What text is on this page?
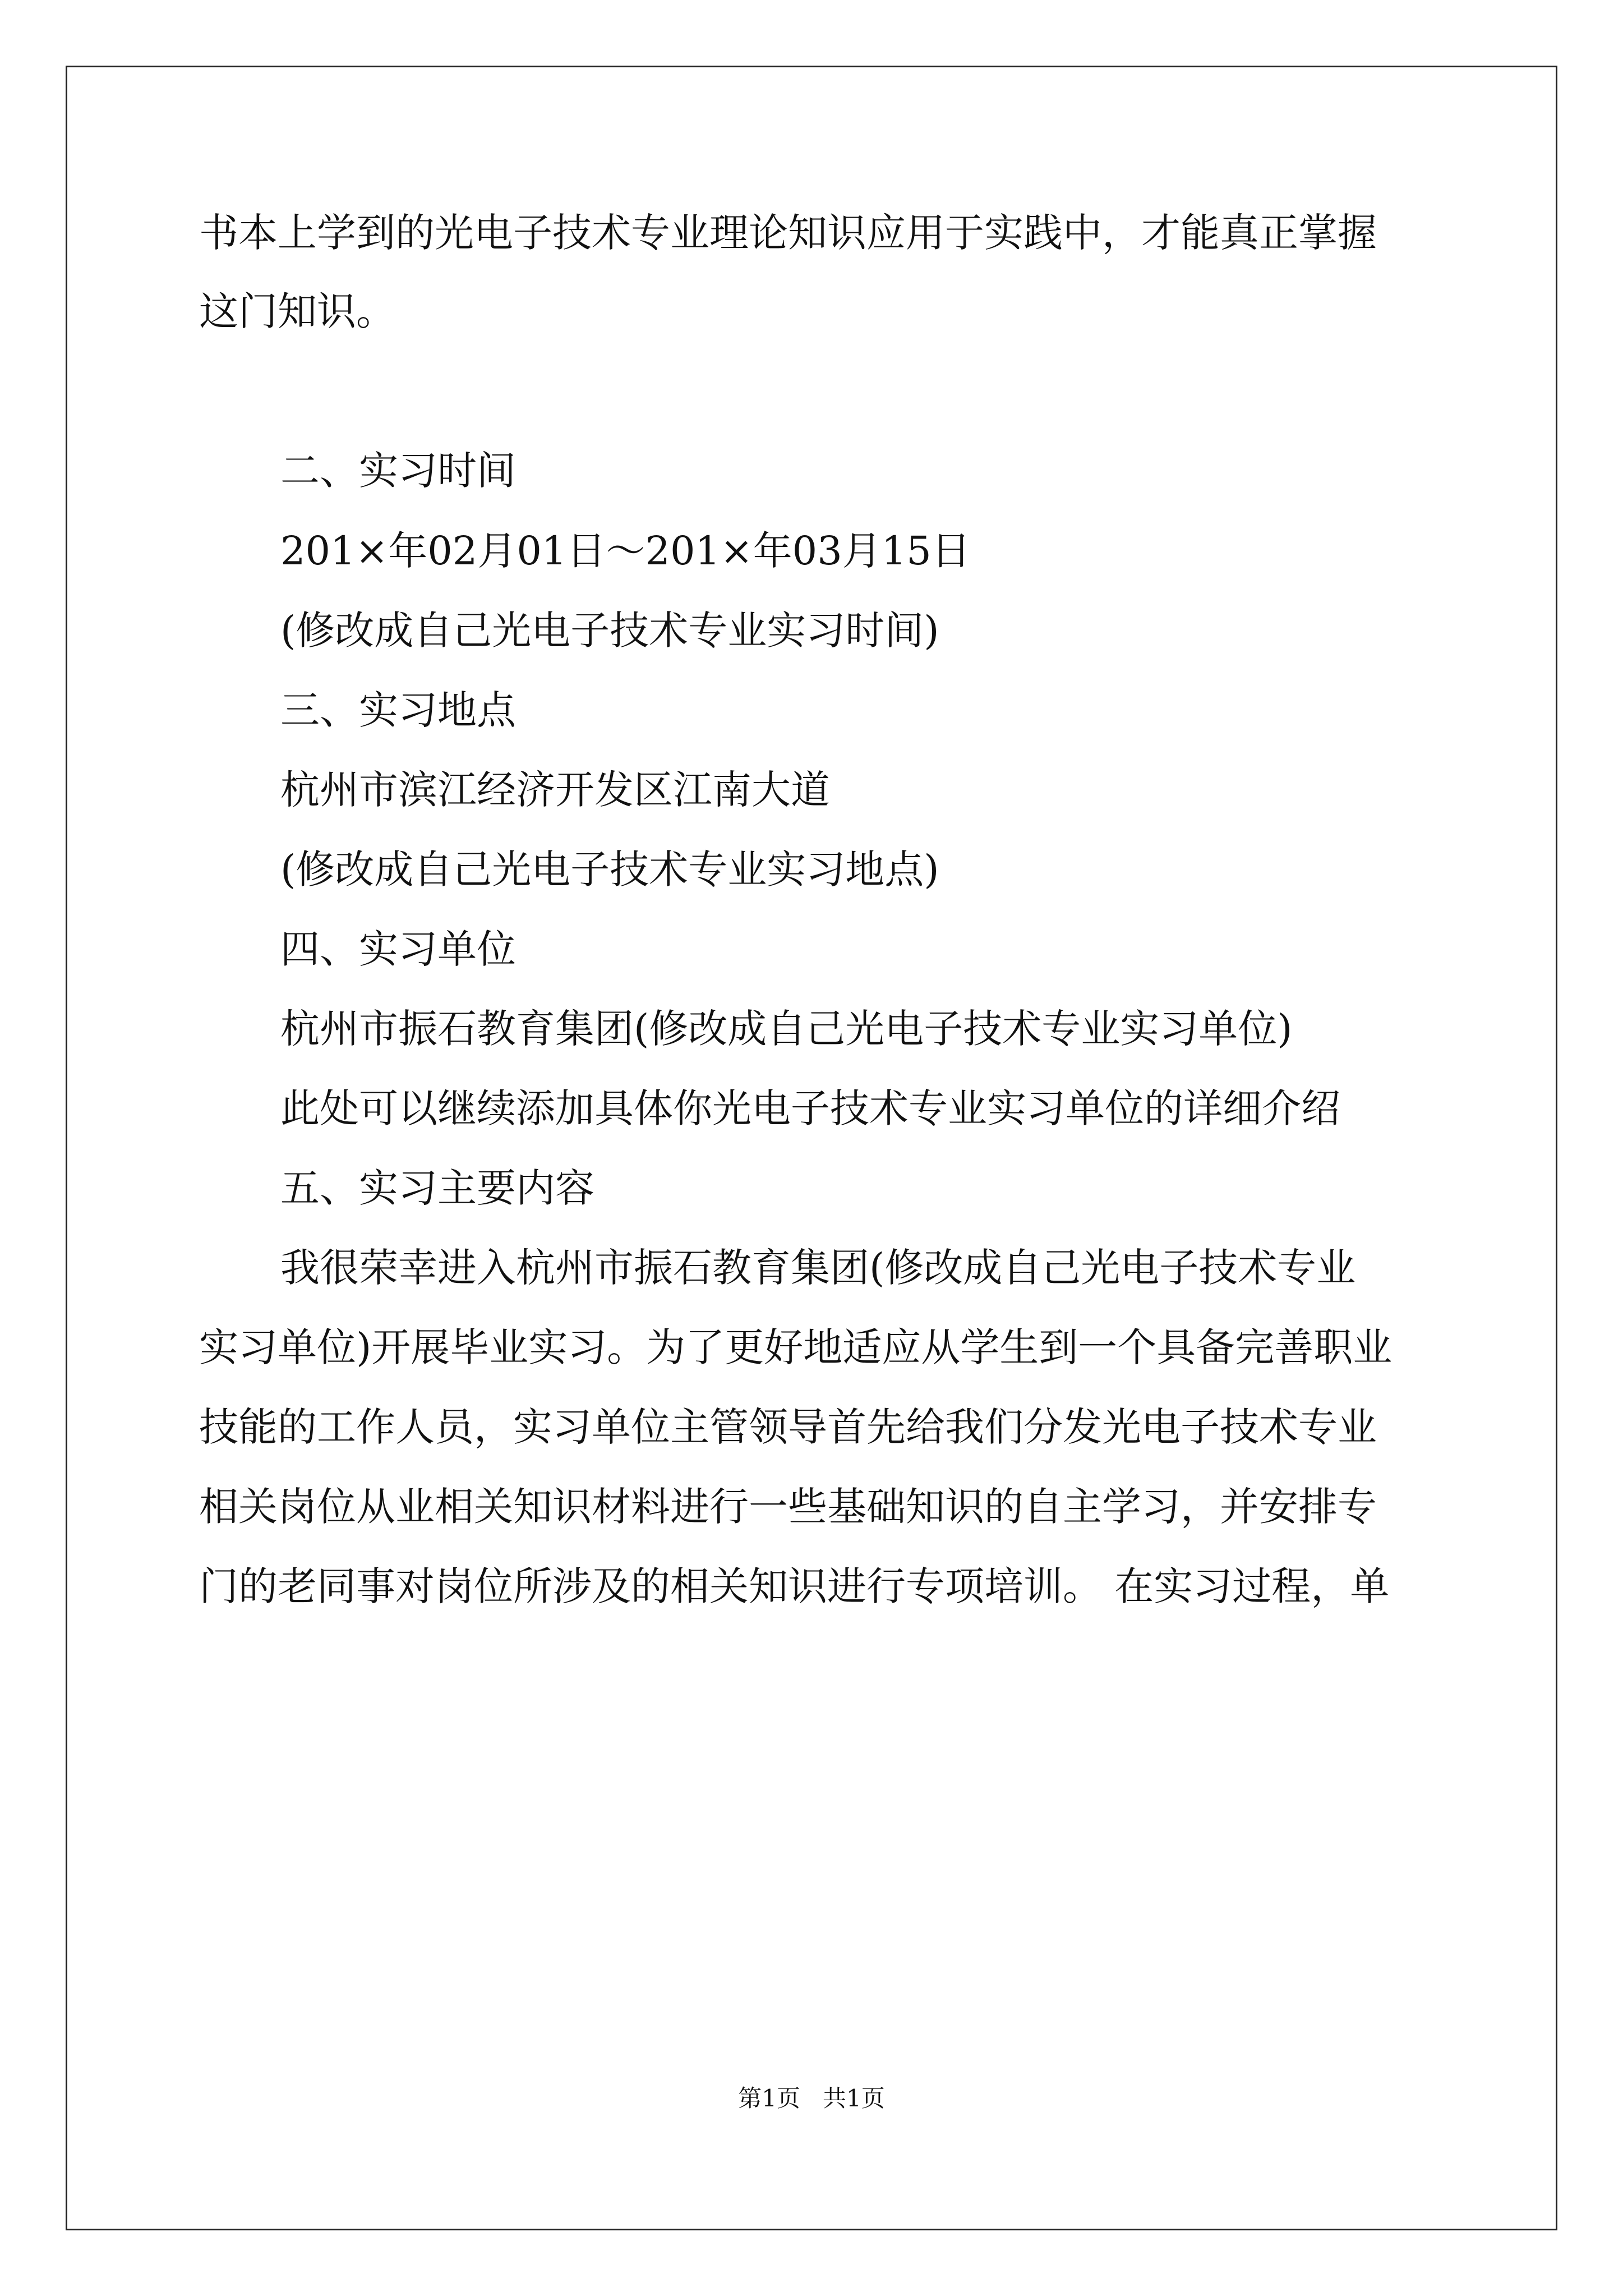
书本上学到的光电子技术专业理论知识应用于实践中，才能真正掌握

这门知识。

二、实习时间

201×年02月01日～201×年03月15日

(修改成自己光电子技术专业实习时间)

三、实习地点

杭州市滨江经济开发区江南大道

(修改成自己光电子技术专业实习地点)

四、实习单位

杭州市振石教育集团(修改成自己光电子技术专业实习单位)

此处可以继续添加具体你光电子技术专业实习单位的详细介绍

五、实习主要内容

我很荣幸进入杭州市振石教育集团(修改成自己光电子技术专业

实习单位)开展毕业实习。为了更好地适应从学生到一个具备完善职业

技能的工作人员，实习单位主管领导首先给我们分发光电子技术专业

相关岗位从业相关知识材料进行一些基础知识的自主学习，并安排专

门的老同事对岗位所涉及的相关知识进行专项培训。 在实习过程，单

第1页   共1页
